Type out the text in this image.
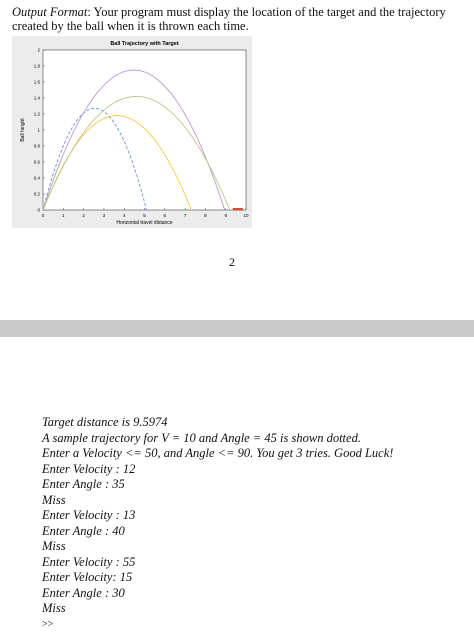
Output Format: Your program must display the location of the target and the trajectory
created by the ball when it is thrown each time.
Ball Trajectory with Target
0	1	2	3	4	5	6	7	8	9	10
0
0.2
0.4
0.6
0.8
1
1.2
1.4
1.6
1.8
2
Horizontal travel distance
Ball height
2
Target distance is 9.5974
A sample trajectory for V = 10 and Angle = 45 is shown dotted.
Enter a Velocity <= 50, and Angle <= 90. You get 3 tries. Good Luck!
Enter Velocity : 12
Enter Angle : 35
Miss
Enter Velocity : 13
Enter Angle : 40
Miss
Enter Velocity : 55
Enter Velocity: 15
Enter Angle : 30
Miss
>>
